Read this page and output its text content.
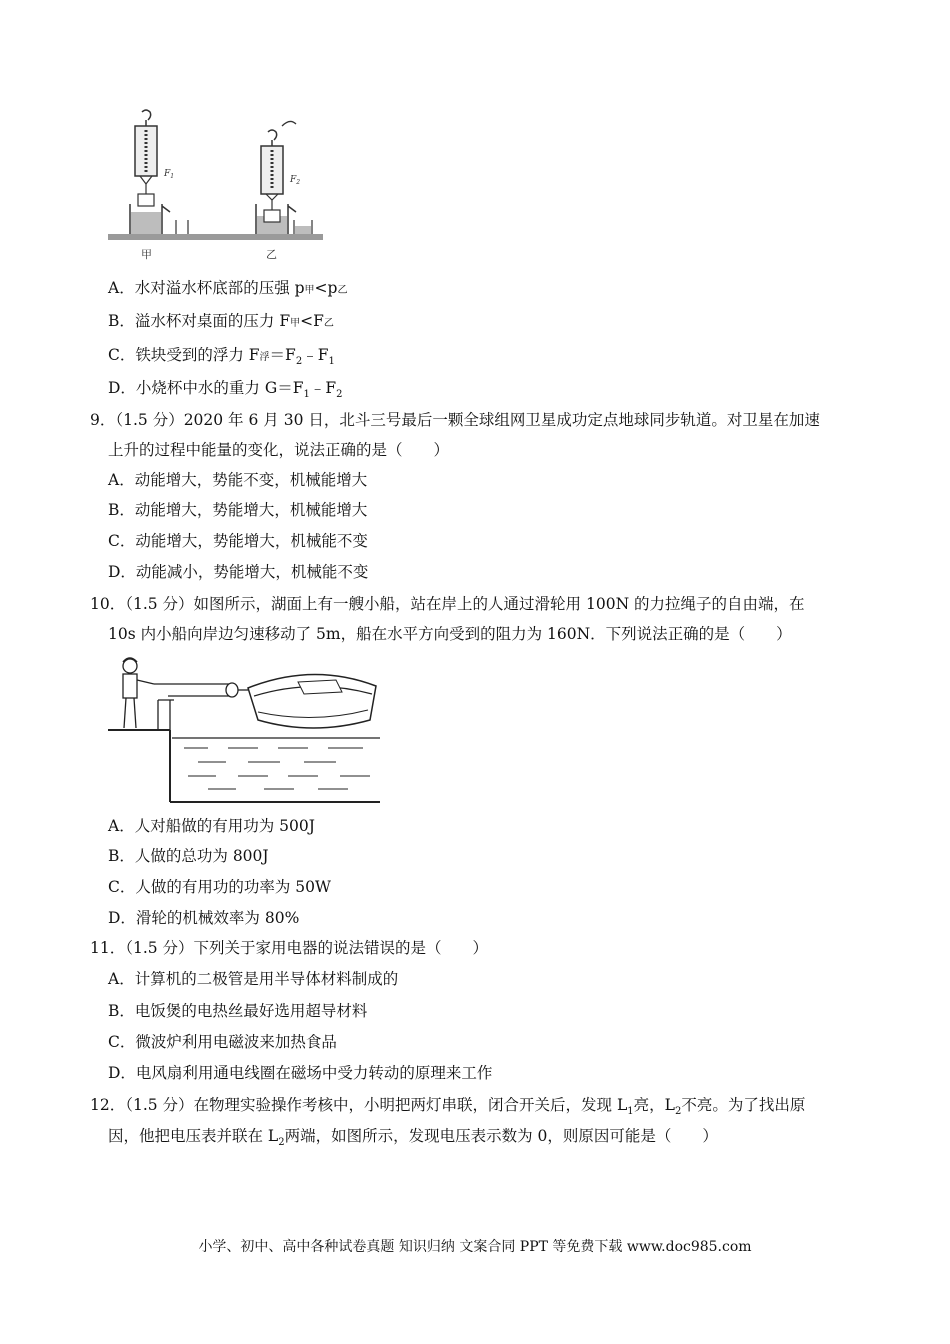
$F_1$
甲
$F_2$
乙
A．水对溢水杯底部的压强 p甲<p乙
B．溢水杯对桌面的压力 F甲<F乙
C．铁块受到的浮力 F浮$=F_2﹣F_1$
D．小烧杯中水的重力 $G=F_1﹣F_2$
9．（1.5 分）2020 年 6 月 30 日，北斗三号最后一颗全球组网卫星成功定点地球同步轨道。对卫星在加速
上升的过程中能量的变化，说法正确的是（　　）
A．动能增大，势能不变，机械能增大
B．动能增大，势能增大，机械能增大
C．动能增大，势能增大，机械能不变
D．动能减小，势能增大，机械能不变
10．（1.5 分）如图所示，湖面上有一艘小船，站在岸上的人通过滑轮用 100N 的力拉绳子的自由端，在
10s 内小船向岸边匀速移动了 5m，船在水平方向受到的阻力为 160N．下列说法正确的是（　　）
A．人对船做的有用功为 500J
B．人做的总功为 800J
C．人做的有用功的功率为 50W
D．滑轮的机械效率为 80%
11．（1.5 分）下列关于家用电器的说法错误的是（　　）
A．计算机的二极管是用半导体材料制成的
B．电饭煲的电热丝最好选用超导材料
C．微波炉利用电磁波来加热食品
D．电风扇利用通电线圈在磁场中受力转动的原理来工作
12．（1.5 分）在物理实验操作考核中，小明把两灯串联，闭合开关后，发现 $L_1$亮，$L_2$不亮。为了找出原
因，他把电压表并联在 $L_2$两端，如图所示，发现电压表示数为 0，则原因可能是（　　）
小学、初中、高中各种试卷真题 知识归纳 文案合同 PPT 等免费下载 www.doc985.com
